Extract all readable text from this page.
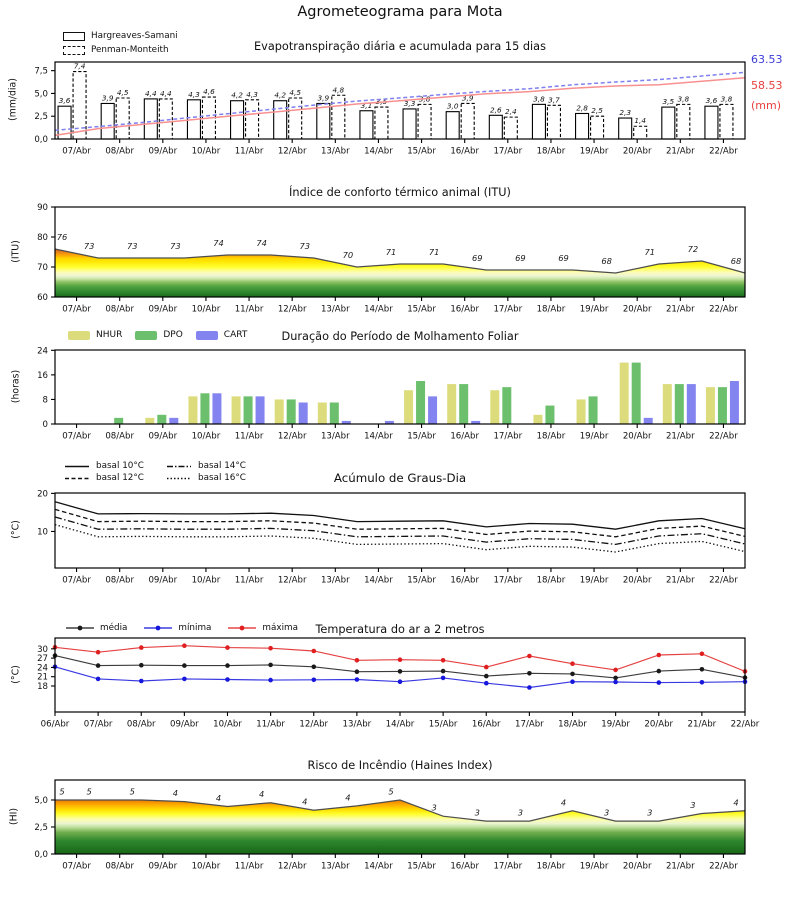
3,6	3,9
4,4	4,3	4,2	4,2	3,9
3,1	3,3	3,0	2,6
3,8
2,8
2,3
3,5	3,6
7,4
4,5	4,4	4,6	4,3	4,5	4,8
3,5	3,8	3,9
2,4
3,7
2,5
1,4
3,8	3,8
0,0
2,5
5,0
7,5
07/Abr 08/Abr 09/Abr 10/Abr 11/Abr 12/Abr 13/Abr 14/Abr 15/Abr 16/Abr 17/Abr 18/Abr 19/Abr 20/Abr 21/Abr 22/Abr
60
70
80
90
07/Abr 08/Abr 09/Abr 10/Abr 11/Abr 12/Abr 13/Abr 14/Abr 15/Abr 16/Abr 17/Abr 18/Abr 19/Abr 20/Abr 21/Abr 22/Abr
76
73	73	73	74	74	73
70	71	71
69	69	69	68
71	72
68
0
8
16
24
07/Abr 08/Abr 09/Abr 10/Abr 11/Abr 12/Abr 13/Abr 14/Abr 15/Abr 16/Abr 17/Abr 18/Abr 19/Abr 20/Abr 21/Abr 22/Abr
10
20
07/Abr 08/Abr 09/Abr 10/Abr 11/Abr 12/Abr 13/Abr 14/Abr 15/Abr 16/Abr 17/Abr 18/Abr 19/Abr 20/Abr 21/Abr 22/Abr
18
21
24
27
30
06/Abr 07/Abr 08/Abr 09/Abr 10/Abr 11/Abr 12/Abr 13/Abr 14/Abr 15/Abr 16/Abr 17/Abr 18/Abr 19/Abr 20/Abr 21/Abr 22/Abr
0,0
2,5
5,0
07/Abr 08/Abr 09/Abr 10/Abr 11/Abr 12/Abr 13/Abr 14/Abr 15/Abr 16/Abr 17/Abr 18/Abr 19/Abr 20/Abr 21/Abr 22/Abr
5	5	5	4	4	4
4	4
5
3	3	3
4
3	3
3	4
Agrometeograma para Mota
Hargreaves-Samani
Penman-Monteith	Evapotranspiração diária e acumulada para 15 dias
(mm/dia)
63.53
58.53
(mm)
Índice de conforto térmico animal (ITU)
(ITU)
NHUR	DPO	CART	Duração do Período de Molhamento Foliar
(horas)
basal 10°C	basal 14°C
basal 12°C	basal 16°C	Acúmulo de Graus-Dia
(°C)
média	mínima	máxima	Temperatura do ar a 2 metros
(°C)
Risco de Incêndio (Haines Index)
(HI)
